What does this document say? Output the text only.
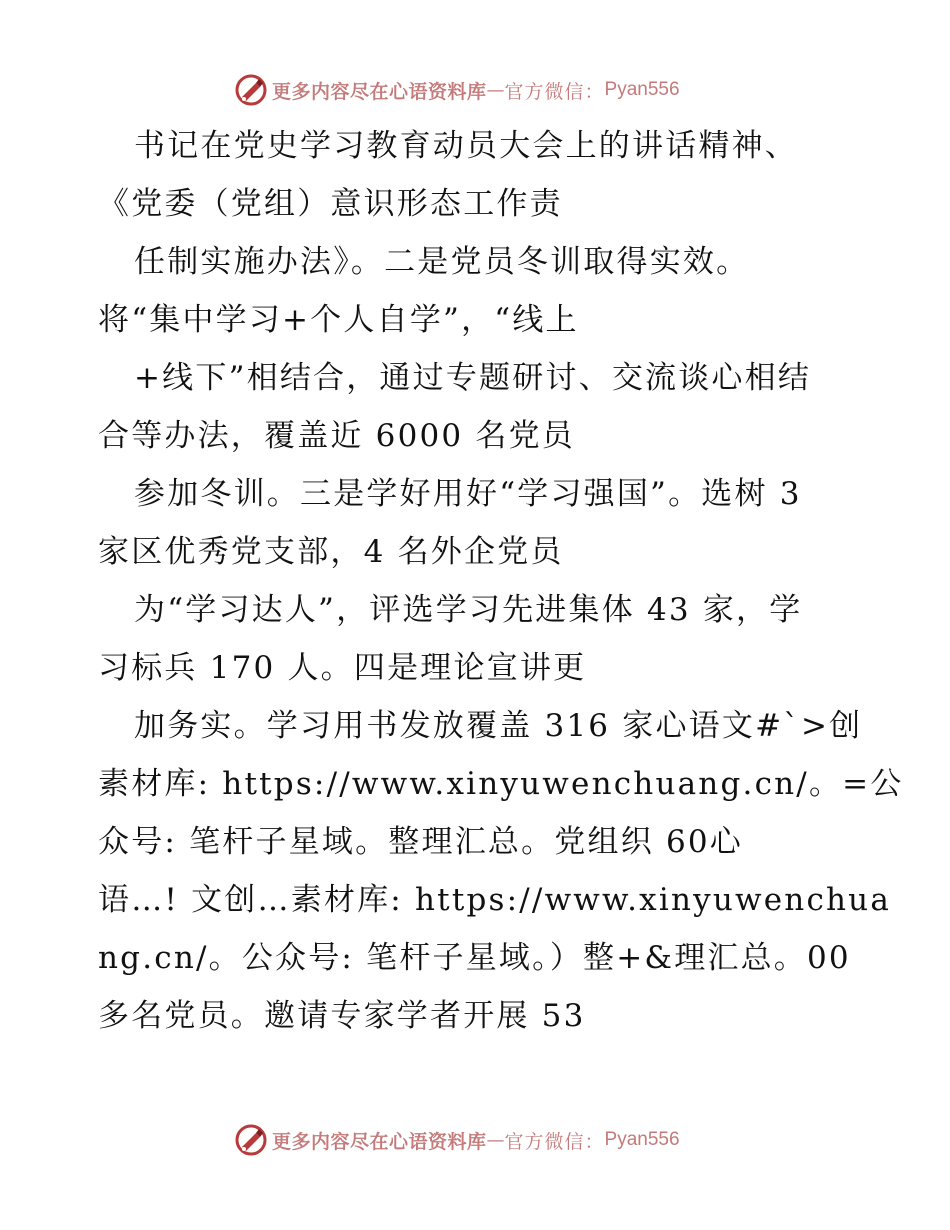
更多内容尽在心语资料库 — 官方微信： Pyan556
书记在党史学习教育动员大会上的讲话精神、
《党委（党组）意识形态工作责
任制实施办法》。二是党员冬训取得实效。
将“集中学习+个人自学”，“线上
+线下”相结合，通过专题研讨、交流谈心相结
合等办法，覆盖近 6000 名党员
参加冬训。三是学好用好“学习强国”。选树 3
家区优秀党支部，4 名外企党员
为“学习达人”，评选学习先进集体 43 家，学
习标兵 170 人。四是理论宣讲更
加务实。学习用书发放覆盖 316 家心语文#`>创
素材库: https://www.xinyuwenchuang.cn/。=公
众号: 笔杆子星域。整理汇总。党组织 60心
语…! 文创…素材库: https://www.xinyuwenchua
ng.cn/。公众号: 笔杆子星域。）整+&理汇总。00
多名党员。邀请专家学者开展 53
更多内容尽在心语资料库 — 官方微信： Pyan556
